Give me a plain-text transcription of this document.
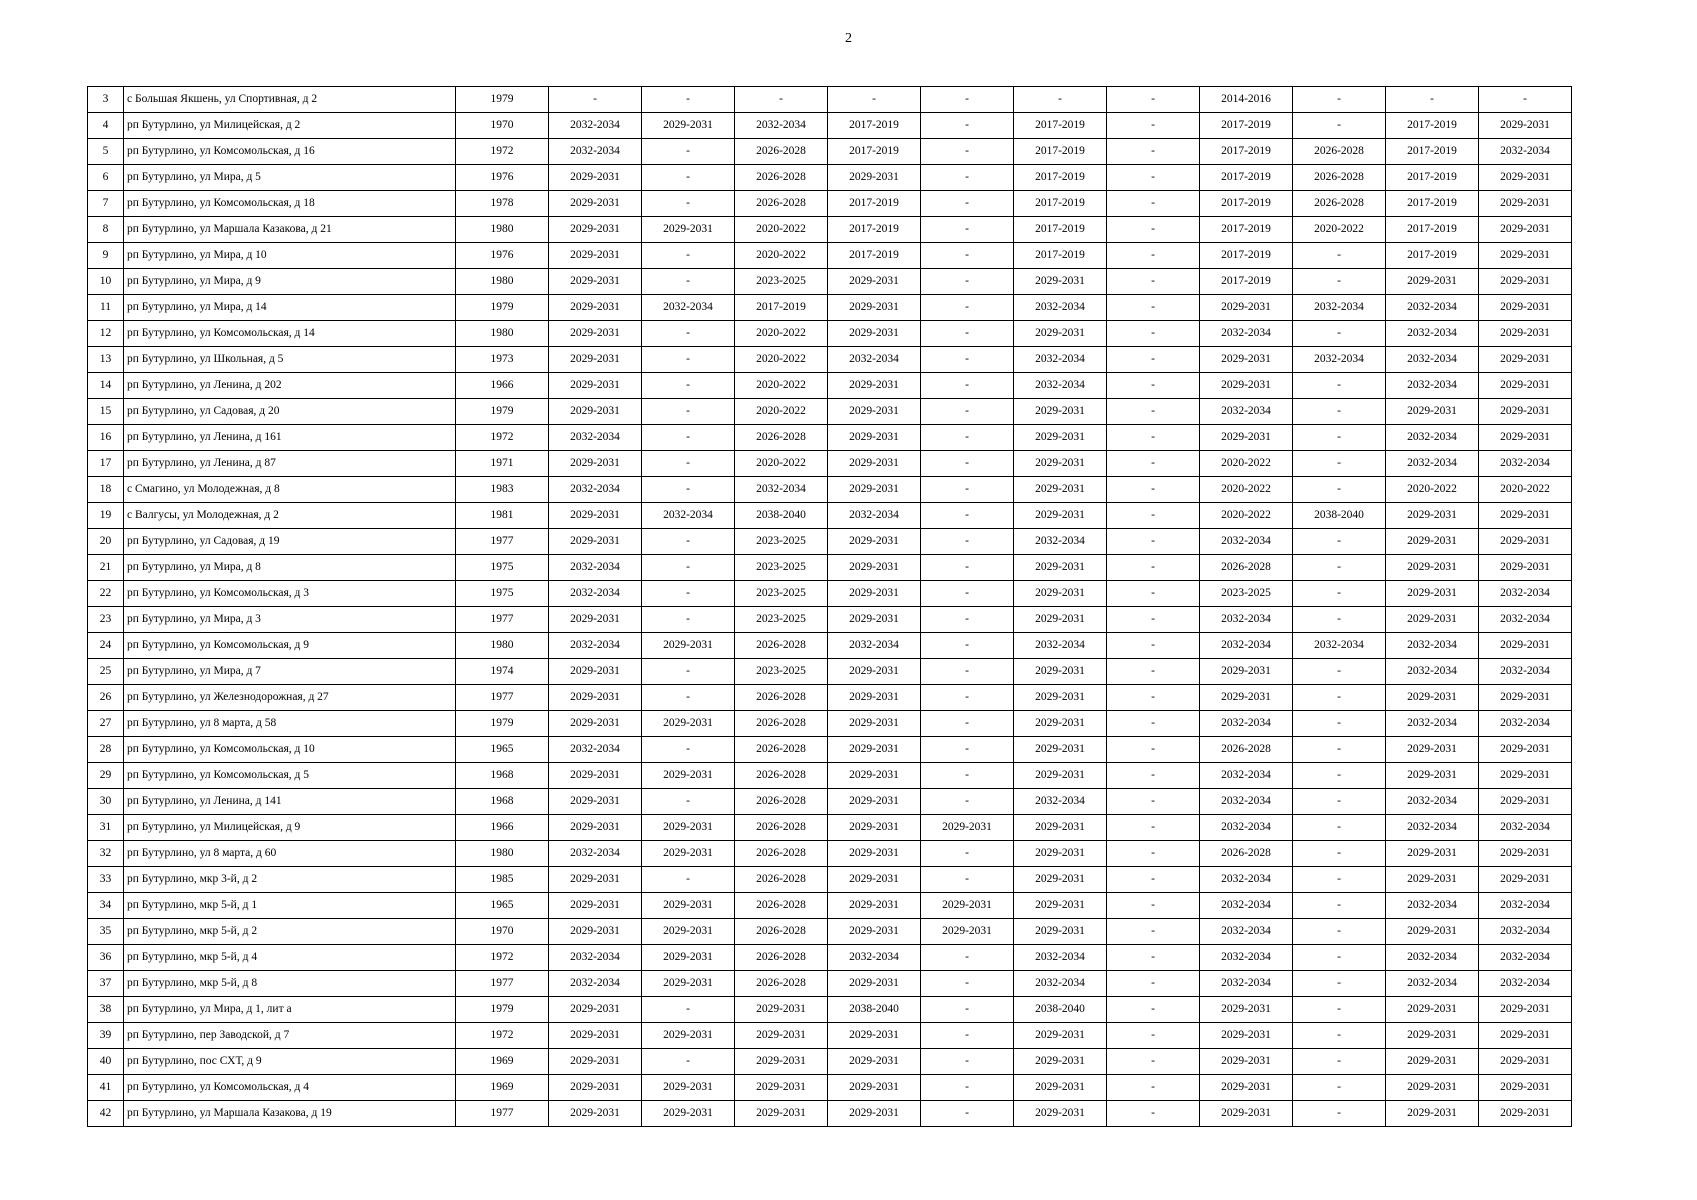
2
3	с Большая Якшень, ул Спортивная, д 2	1979	-	-	-	-	-	-	-	2014-2016	-	-	-
4	рп Бутурлино, ул Милицейская, д 2	1970	2032-2034	2029-2031	2032-2034	2017-2019	-	2017-2019	-	2017-2019	-	2017-2019	2029-2031
5	рп Бутурлино, ул Комсомольская, д 16	1972	2032-2034	-	2026-2028	2017-2019	-	2017-2019	-	2017-2019	2026-2028	2017-2019	2032-2034
6	рп Бутурлино, ул Мира, д 5	1976	2029-2031	-	2026-2028	2029-2031	-	2017-2019	-	2017-2019	2026-2028	2017-2019	2029-2031
7	рп Бутурлино, ул Комсомольская, д 18	1978	2029-2031	-	2026-2028	2017-2019	-	2017-2019	-	2017-2019	2026-2028	2017-2019	2029-2031
8	рп Бутурлино, ул Маршала Казакова, д 21	1980	2029-2031	2029-2031	2020-2022	2017-2019	-	2017-2019	-	2017-2019	2020-2022	2017-2019	2029-2031
9	рп Бутурлино, ул Мира, д 10	1976	2029-2031	-	2020-2022	2017-2019	-	2017-2019	-	2017-2019	-	2017-2019	2029-2031
10	рп Бутурлино, ул Мира, д 9	1980	2029-2031	-	2023-2025	2029-2031	-	2029-2031	-	2017-2019	-	2029-2031	2029-2031
11	рп Бутурлино, ул Мира, д 14	1979	2029-2031	2032-2034	2017-2019	2029-2031	-	2032-2034	-	2029-2031	2032-2034	2032-2034	2029-2031
12	рп Бутурлино, ул Комсомольская, д 14	1980	2029-2031	-	2020-2022	2029-2031	-	2029-2031	-	2032-2034	-	2032-2034	2029-2031
13	рп Бутурлино, ул Школьная, д 5	1973	2029-2031	-	2020-2022	2032-2034	-	2032-2034	-	2029-2031	2032-2034	2032-2034	2029-2031
14	рп Бутурлино, ул Ленина, д 202	1966	2029-2031	-	2020-2022	2029-2031	-	2032-2034	-	2029-2031	-	2032-2034	2029-2031
15	рп Бутурлино, ул Садовая, д 20	1979	2029-2031	-	2020-2022	2029-2031	-	2029-2031	-	2032-2034	-	2029-2031	2029-2031
16	рп Бутурлино, ул Ленина, д 161	1972	2032-2034	-	2026-2028	2029-2031	-	2029-2031	-	2029-2031	-	2032-2034	2029-2031
17	рп Бутурлино, ул Ленина, д 87	1971	2029-2031	-	2020-2022	2029-2031	-	2029-2031	-	2020-2022	-	2032-2034	2032-2034
18	с Смагино, ул Молодежная, д 8	1983	2032-2034	-	2032-2034	2029-2031	-	2029-2031	-	2020-2022	-	2020-2022	2020-2022
19	с Валгусы, ул Молодежная, д 2	1981	2029-2031	2032-2034	2038-2040	2032-2034	-	2029-2031	-	2020-2022	2038-2040	2029-2031	2029-2031
20	рп Бутурлино, ул Садовая, д 19	1977	2029-2031	-	2023-2025	2029-2031	-	2032-2034	-	2032-2034	-	2029-2031	2029-2031
21	рп Бутурлино, ул Мира, д 8	1975	2032-2034	-	2023-2025	2029-2031	-	2029-2031	-	2026-2028	-	2029-2031	2029-2031
22	рп Бутурлино, ул Комсомольская, д 3	1975	2032-2034	-	2023-2025	2029-2031	-	2029-2031	-	2023-2025	-	2029-2031	2032-2034
23	рп Бутурлино, ул Мира, д 3	1977	2029-2031	-	2023-2025	2029-2031	-	2029-2031	-	2032-2034	-	2029-2031	2032-2034
24	рп Бутурлино, ул Комсомольская, д 9	1980	2032-2034	2029-2031	2026-2028	2032-2034	-	2032-2034	-	2032-2034	2032-2034	2032-2034	2029-2031
25	рп Бутурлино, ул Мира, д 7	1974	2029-2031	-	2023-2025	2029-2031	-	2029-2031	-	2029-2031	-	2032-2034	2032-2034
26	рп Бутурлино, ул Железнодорожная, д 27	1977	2029-2031	-	2026-2028	2029-2031	-	2029-2031	-	2029-2031	-	2029-2031	2029-2031
27	рп Бутурлино, ул 8 марта, д 58	1979	2029-2031	2029-2031	2026-2028	2029-2031	-	2029-2031	-	2032-2034	-	2032-2034	2032-2034
28	рп Бутурлино, ул Комсомольская, д 10	1965	2032-2034	-	2026-2028	2029-2031	-	2029-2031	-	2026-2028	-	2029-2031	2029-2031
29	рп Бутурлино, ул Комсомольская, д 5	1968	2029-2031	2029-2031	2026-2028	2029-2031	-	2029-2031	-	2032-2034	-	2029-2031	2029-2031
30	рп Бутурлино, ул Ленина, д 141	1968	2029-2031	-	2026-2028	2029-2031	-	2032-2034	-	2032-2034	-	2032-2034	2029-2031
31	рп Бутурлино, ул Милицейская, д 9	1966	2029-2031	2029-2031	2026-2028	2029-2031	2029-2031	2029-2031	-	2032-2034	-	2032-2034	2032-2034
32	рп Бутурлино, ул 8 марта, д 60	1980	2032-2034	2029-2031	2026-2028	2029-2031	-	2029-2031	-	2026-2028	-	2029-2031	2029-2031
33	рп Бутурлино, мкр 3-й, д 2	1985	2029-2031	-	2026-2028	2029-2031	-	2029-2031	-	2032-2034	-	2029-2031	2029-2031
34	рп Бутурлино, мкр 5-й, д 1	1965	2029-2031	2029-2031	2026-2028	2029-2031	2029-2031	2029-2031	-	2032-2034	-	2032-2034	2032-2034
35	рп Бутурлино, мкр 5-й, д 2	1970	2029-2031	2029-2031	2026-2028	2029-2031	2029-2031	2029-2031	-	2032-2034	-	2029-2031	2032-2034
36	рп Бутурлино, мкр 5-й, д 4	1972	2032-2034	2029-2031	2026-2028	2032-2034	-	2032-2034	-	2032-2034	-	2032-2034	2032-2034
37	рп Бутурлино, мкр 5-й, д 8	1977	2032-2034	2029-2031	2026-2028	2029-2031	-	2032-2034	-	2032-2034	-	2032-2034	2032-2034
38	рп Бутурлино, ул Мира, д 1, лит а	1979	2029-2031	-	2029-2031	2038-2040	-	2038-2040	-	2029-2031	-	2029-2031	2029-2031
39	рп Бутурлино, пер Заводской, д 7	1972	2029-2031	2029-2031	2029-2031	2029-2031	-	2029-2031	-	2029-2031	-	2029-2031	2029-2031
40	рп Бутурлино, пос СХТ, д 9	1969	2029-2031	-	2029-2031	2029-2031	-	2029-2031	-	2029-2031	-	2029-2031	2029-2031
41	рп Бутурлино, ул Комсомольская, д 4	1969	2029-2031	2029-2031	2029-2031	2029-2031	-	2029-2031	-	2029-2031	-	2029-2031	2029-2031
42	рп Бутурлино, ул Маршала Казакова, д 19	1977	2029-2031	2029-2031	2029-2031	2029-2031	-	2029-2031	-	2029-2031	-	2029-2031	2029-2031
